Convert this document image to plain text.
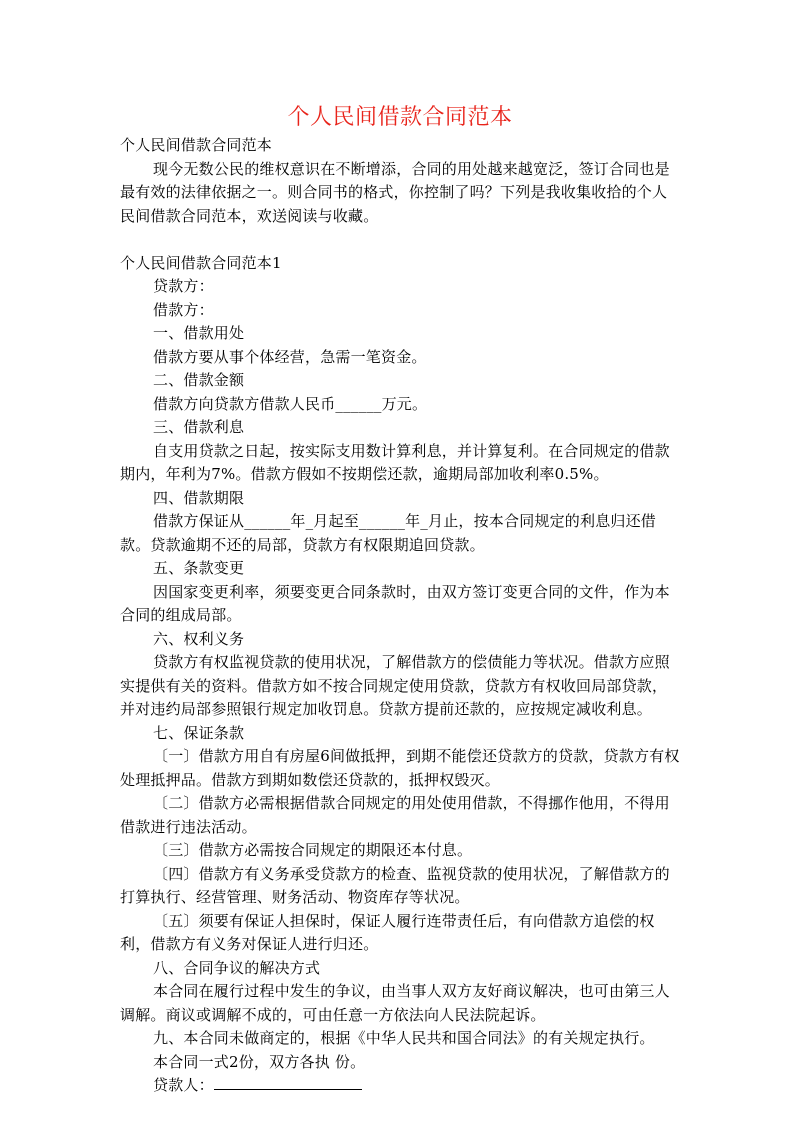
个人民间借款合同范本

个人民间借款合同范本

现今无数公民的维权意识在不断增添，合同的用处越来越宽泛，签订合同也是最有效的法律依据之一。则合同书的格式，你控制了吗？下列是我收集收拾的个人民间借款合同范本，欢送阅读与收藏。

个人民间借款合同范本1

贷款方：

借款方：

一、借款用处

借款方要从事个体经营，急需一笔资金。

二、借款金额

借款方向贷款方借款人民币______万元。

三、借款利息

自支用贷款之日起，按实际支用数计算利息，并计算复利。在合同规定的借款期内，年利为7%。借款方假如不按期偿还款，逾期局部加收利率0.5%。

四、借款期限

借款方保证从______年_月起至______年_月止，按本合同规定的利息归还借款。贷款逾期不还的局部，贷款方有权限期追回贷款。

五、条款变更

因国家变更利率，须要变更合同条款时，由双方签订变更合同的文件，作为本合同的组成局部。

六、权利义务

贷款方有权监视贷款的使用状况，了解借款方的偿债能力等状况。借款方应照实提供有关的资料。借款方如不按合同规定使用贷款，贷款方有权收回局部贷款，并对违约局部参照银行规定加收罚息。贷款方提前还款的，应按规定减收利息。

七、保证条款

〔一〕借款方用自有房屋6间做抵押，到期不能偿还贷款方的贷款，贷款方有权处理抵押品。借款方到期如数偿还贷款的，抵押权毁灭。

〔二〕借款方必需根据借款合同规定的用处使用借款，不得挪作他用，不得用借款进行违法活动。

〔三〕借款方必需按合同规定的期限还本付息。

〔四〕借款方有义务承受贷款方的检查、监视贷款的使用状况，了解借款方的打算执行、经营管理、财务活动、物资库存等状况。

〔五〕须要有保证人担保时，保证人履行连带责任后，有向借款方追偿的权利，借款方有义务对保证人进行归还。

八、合同争议的解决方式

本合同在履行过程中发生的争议，由当事人双方友好商议解决，也可由第三人调解。商议或调解不成的，可由任意一方依法向人民法院起诉。

九、本合同未做商定的，根据《中华人民共和国合同法》的有关规定执行。

本合同一式2份，双方各执 份。

贷款人：
